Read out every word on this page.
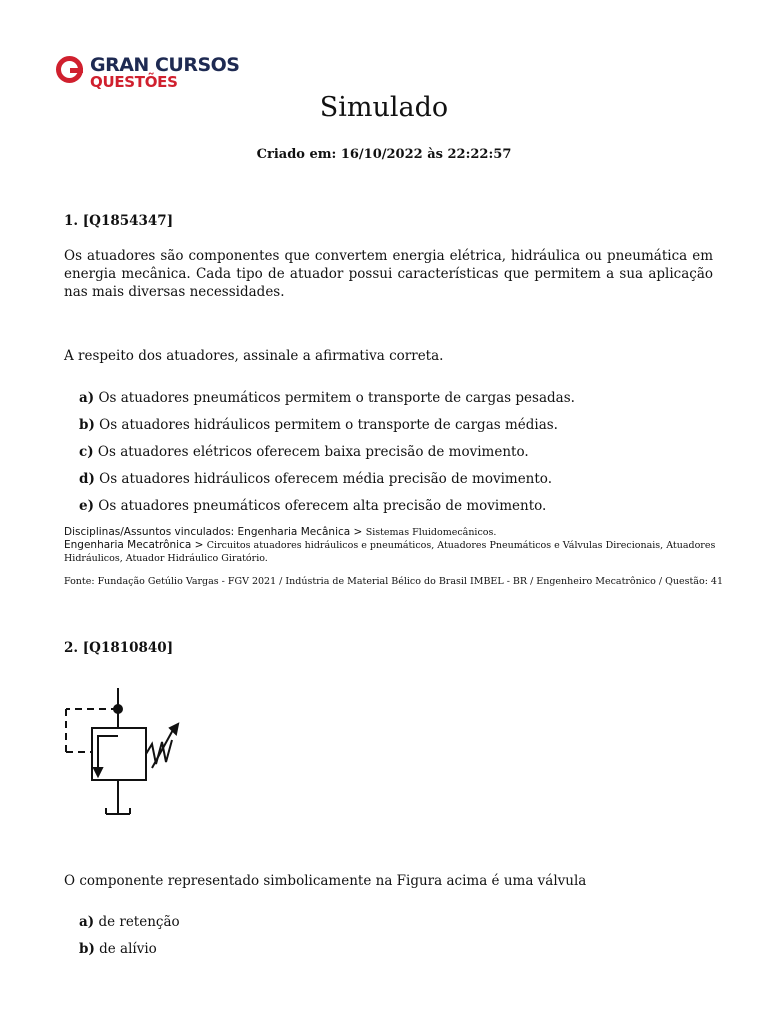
GRAN CURSOS
QUESTÕES
Simulado
Criado em: 16/10/2022 às 22:22:57
1. [Q1854347]
Os atuadores são componentes que convertem energia elétrica, hidráulica ou pneumática em energia mecânica. Cada tipo de atuador possui características que permitem a sua aplicação nas mais diversas necessidades.
A respeito dos atuadores, assinale a afirmativa correta.
a) Os atuadores pneumáticos permitem o transporte de cargas pesadas.
b) Os atuadores hidráulicos permitem o transporte de cargas médias.
c) Os atuadores elétricos oferecem baixa precisão de movimento.
d) Os atuadores hidráulicos oferecem média precisão de movimento.
e) Os atuadores pneumáticos oferecem alta precisão de movimento.
Disciplinas/Assuntos vinculados: Engenharia Mecânica > Sistemas Fluidomecânicos.
Engenharia Mecatrônica > Circuitos atuadores hidráulicos e pneumáticos, Atuadores Pneumáticos e Válvulas Direcionais, Atuadores Hidráulicos, Atuador Hidráulico Giratório.
Fonte: Fundação Getúlio Vargas - FGV 2021 / Indústria de Material Bélico do Brasil IMBEL - BR / Engenheiro Mecatrônico / Questão: 41
2. [Q1810840]
O componente representado simbolicamente na Figura acima é uma válvula
a) de retenção
b) de alívio
